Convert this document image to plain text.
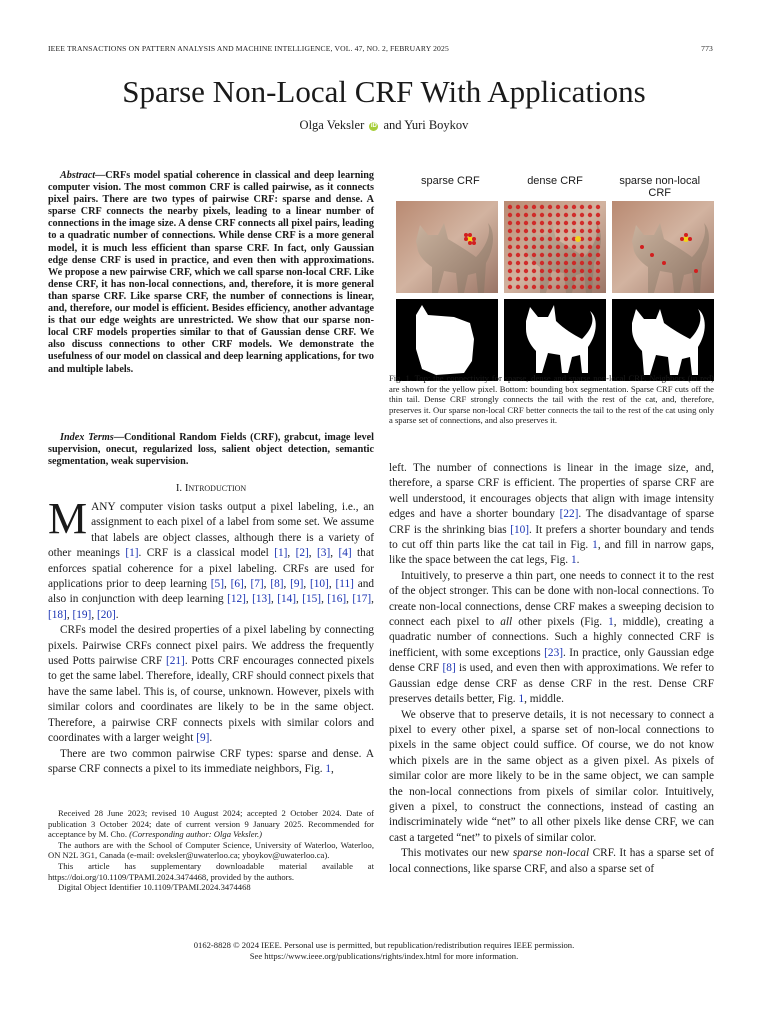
IEEE TRANSACTIONS ON PATTERN ANALYSIS AND MACHINE INTELLIGENCE, VOL. 47, NO. 2, FEBRUARY 2025	773
Sparse Non-Local CRF With Applications
Olga Veksler iD and Yuri Boykov
Abstract—CRFs model spatial coherence in classical and deep learning computer vision. The most common CRF is called pairwise, as it connects pixel pairs. There are two types of pairwise CRF: sparse and dense. A sparse CRF connects the nearby pixels, leading to a linear number of connections in the image size. A dense CRF connects all pixel pairs, leading to a quadratic number of connections. While dense CRF is a more general model, it is much less efficient than sparse CRF. In fact, only Gaussian edge dense CRF is used in practice, and even then with approximations. We propose a new pairwise CRF, which we call sparse non-local CRF. Like dense CRF, it has non-local connections, and, therefore, it is more general than sparse CRF. Like sparse CRF, the number of connections is linear, and, therefore, our model is efficient. Besides efficiency, another advantage is that our edge weights are unrestricted. We show that our sparse non-local CRF models properties similar to that of Gaussian dense CRF. We also discuss connections to other CRF models. We demonstrate the usefulness of our model on classical and deep learning applications, for two and multiple labels.
Index Terms—Conditional Random Fields (CRF), grabcut, image level supervision, onecut, regularized loss, salient object detection, semantic segmentation, weak supervision.
I. Introduction

MANY computer vision tasks output a pixel labeling, i.e., an assignment to each pixel of a label from some set. We assume that labels are object classes, although there is a variety of other meanings [1]. CRF is a classical model [1], [2], [3], [4] that enforces spatial coherence for a pixel labeling. CRFs are used for applications prior to deep learning [5], [6], [7], [8], [9], [10], [11] and also in conjunction with deep learning [12], [13], [14], [15], [16], [17], [18], [19], [20].

CRFs model the desired properties of a pixel labeling by connecting pixels. Pairwise CRFs connect pixel pairs. We address the frequently used Potts pairwise CRF [21]. Potts CRF encourages connected pixels to get the same label. Therefore, ideally, CRF should connect pixels that have the same label. This is, of course, unknown. However, pixels with similar colors and coordinates are likely to be in the same object. Therefore, a pairwise CRF connects pixels with similar colors and coordinates with a larger weight [9].

There are two common pairwise CRF types: sparse and dense. A sparse CRF connects a pixel to its immediate neighbors, Fig. 1,

Received 28 June 2023; revised 10 August 2024; accepted 2 October 2024. Date of publication 3 October 2024; date of current version 9 January 2025. Recommended for acceptance by M. Cho. (Corresponding author: Olga Veksler.)

The authors are with the School of Computer Science, University of Waterloo, Waterloo, ON N2L 3G1, Canada (e-mail: oveksler@uwaterloo.ca; yboykov@uwaterloo.ca).

This article has supplementary downloadable material available at https://doi.org/10.1109/TPAMI.2024.3474468, provided by the authors.

Digital Object Identifier 10.1109/TPAMI.2024.3474468

sparse CRF	dense CRF	sparse non-local CRF
Fig. 1. Top: the connectivity for sparse, dense and sparse non-local CRF. Neighbors (in red) are shown for the yellow pixel. Bottom: bounding box segmentation. Sparse CRF cuts off the thin tail. Dense CRF strongly connects the tail with the rest of the cat, and, therefore, preserves it. Our sparse non-local CRF better connects the tail to the rest of the cat using only a sparse set of connections, and also preserves it.

left. The number of connections is linear in the image size, and, therefore, a sparse CRF is efficient. The properties of sparse CRF are well understood, it encourages objects that align with image intensity edges and have a shorter boundary [22]. The disadvantage of sparse CRF is the shrinking bias [10]. It prefers a shorter boundary and tends to cut off thin parts like the cat tail in Fig. 1, and fill in narrow gaps, like the space between the cat legs, Fig. 1.

Intuitively, to preserve a thin part, one needs to connect it to the rest of the object stronger. This can be done with non-local connections. To create non-local connections, dense CRF makes a sweeping decision to connect each pixel to all other pixels (Fig. 1, middle), creating a quadratic number of connections. Such a highly connected CRF is inefficient, with some exceptions [23]. In practice, only Gaussian edge dense CRF [8] is used, and even then with approximations. We refer to Gaussian edge dense CRF as dense CRF in the rest. Dense CRF preserves details better, Fig. 1, middle.

We observe that to preserve details, it is not necessary to connect a pixel to every other pixel, a sparse set of non-local connections to pixels in the same object could suffice. Of course, we do not know which pixels are in the same object as a given pixel. As pixels of similar color are more likely to be in the same object, we can sample the non-local connections from pixels of similar color. Intuitively, given a pixel, to construct the connections, instead of casting an indiscriminately wide “net” to all other pixels like dense CRF, we can cast a targeted “net” to pixels of similar color.

This motivates our new sparse non-local CRF. It has a sparse set of local connections, like sparse CRF, and also a sparse set of

0162-8828 © 2024 IEEE. Personal use is permitted, but republication/redistribution requires IEEE permission.
See https://www.ieee.org/publications/rights/index.html for more information.
